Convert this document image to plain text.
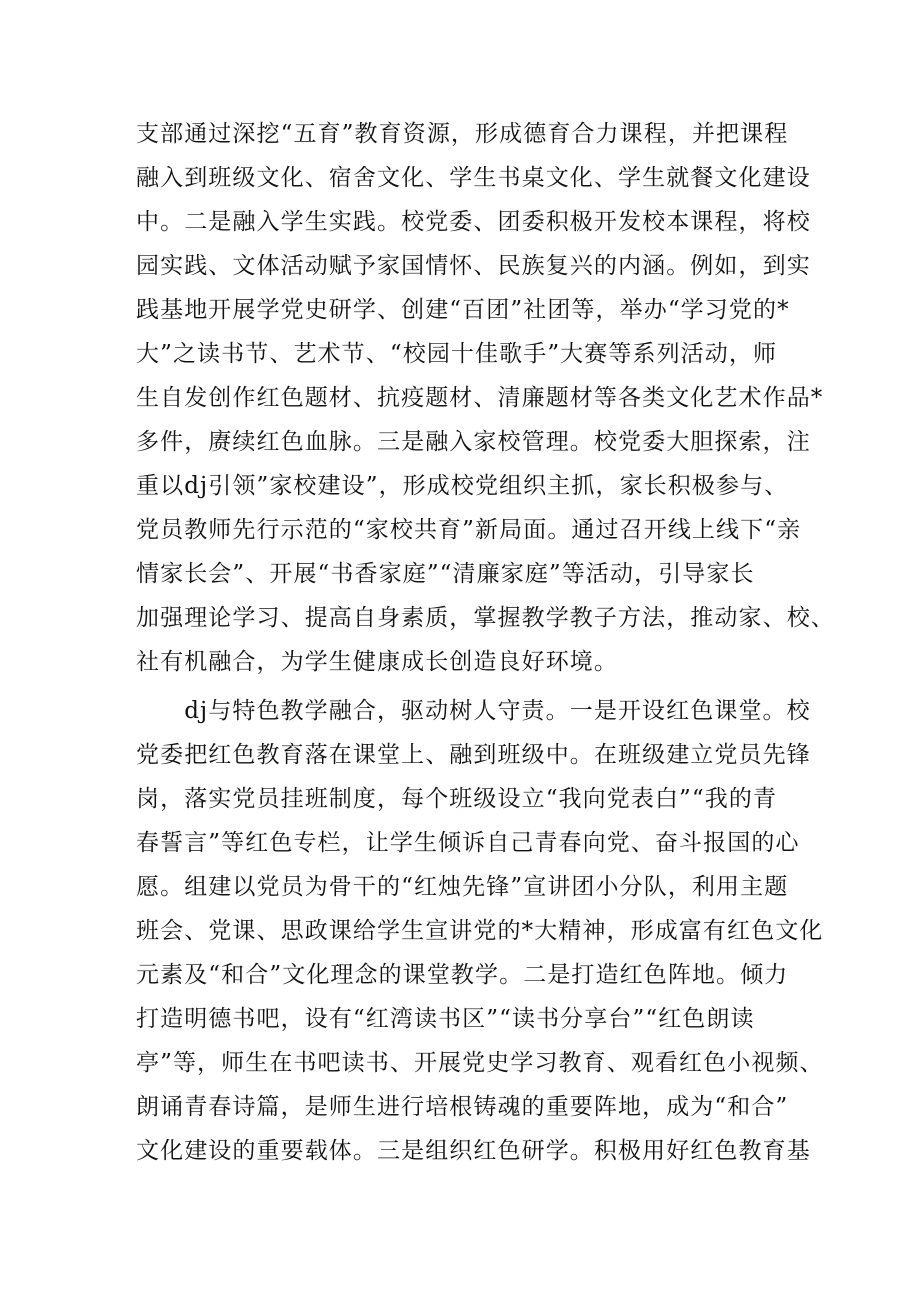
支部通过深挖“五育”教育资源，形成德育合力课程，并把课程
融入到班级文化、宿舍文化、学生书桌文化、学生就餐文化建设
中。二是融入学生实践。校党委、团委积极开发校本课程，将校
园实践、文体活动赋予家国情怀、民族复兴的内涵。例如，到实
践基地开展学党史研学、创建“百团”社团等，举办“学习党的*
大”之读书节、艺术节、“校园十佳歌手”大赛等系列活动，师
生自发创作红色题材、抗疫题材、清廉题材等各类文化艺术作品*
多件，赓续红色血脉。三是融入家校管理。校党委大胆探索，注
重以dj引领”家校建设”，形成校党组织主抓，家长积极参与、
党员教师先行示范的“家校共育”新局面。通过召开线上线下“亲
情家长会”、开展“书香家庭”“清廉家庭”等活动，引导家长
加强理论学习、提高自身素质，掌握教学教子方法，推动家、校、
社有机融合，为学生健康成长创造良好环境。
　　dj与特色教学融合，驱动树人守责。一是开设红色课堂。校
党委把红色教育落在课堂上、融到班级中。在班级建立党员先锋
岗，落实党员挂班制度，每个班级设立“我向党表白”“我的青
春誓言”等红色专栏，让学生倾诉自己青春向党、奋斗报国的心
愿。组建以党员为骨干的“红烛先锋”宣讲团小分队，利用主题
班会、党课、思政课给学生宣讲党的*大精神，形成富有红色文化
元素及“和合”文化理念的课堂教学。二是打造红色阵地。倾力
打造明德书吧，设有“红湾读书区”“读书分享台”“红色朗读
亭”等，师生在书吧读书、开展党史学习教育、观看红色小视频、
朗诵青春诗篇，是师生进行培根铸魂的重要阵地，成为“和合”
文化建设的重要载体。三是组织红色研学。积极用好红色教育基
